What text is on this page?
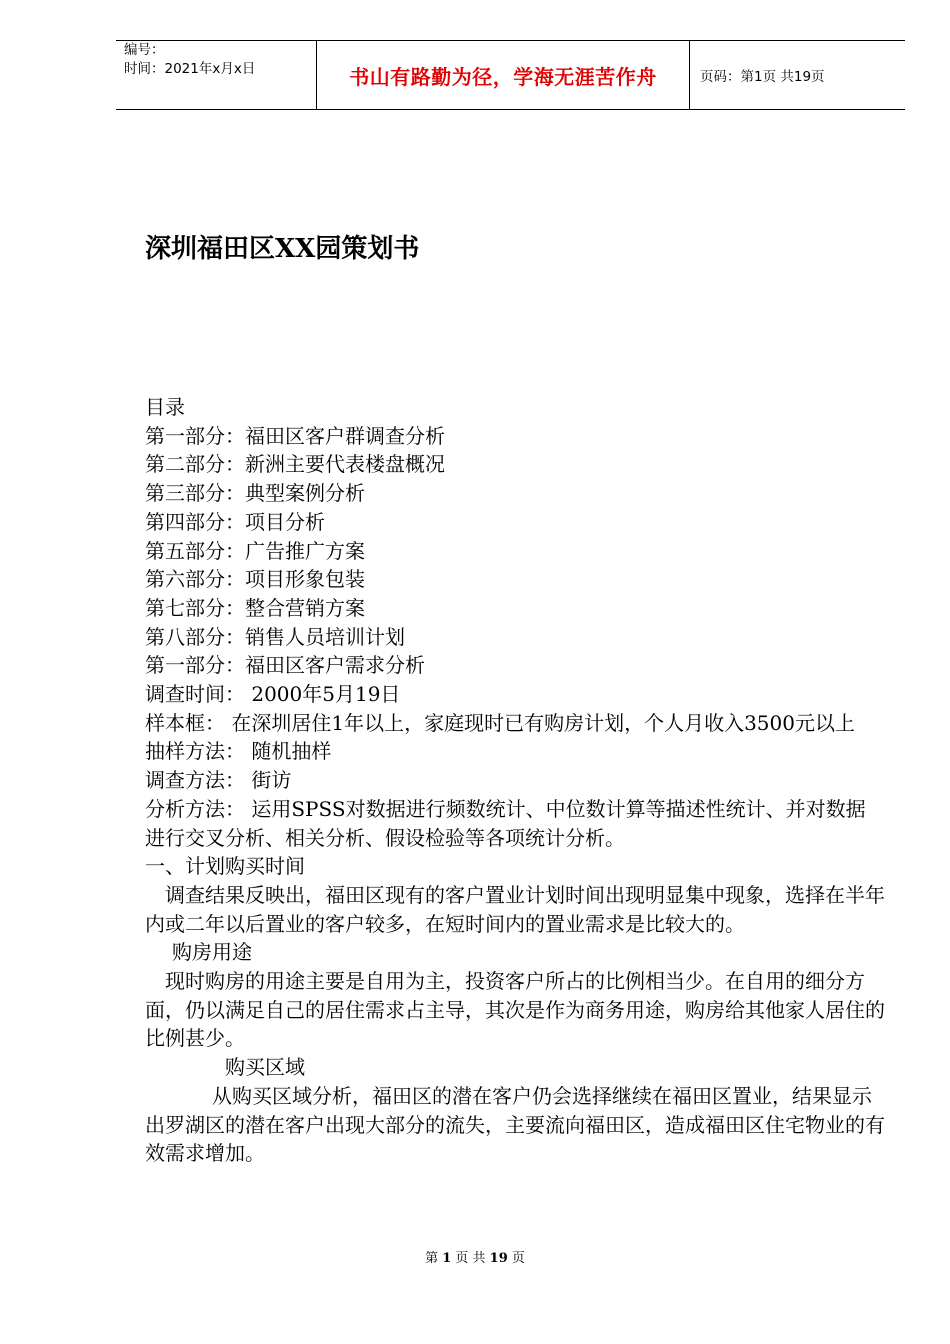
编号：
时间：2021年x月x日	书山有路勤为径，学海无涯苦作舟	页码：第1页 共19页
深圳福田区XX园策划书

目录

第一部分：福田区客户群调查分析

第二部分：新洲主要代表楼盘概况

第三部分：典型案例分析

第四部分：项目分析

第五部分：广告推广方案

第六部分：项目形象包装

第七部分：整合营销方案

第八部分：销售人员培训计划

第一部分：福田区客户需求分析

调查时间： 2000年5月19日

样本框： 在深圳居住1年以上，家庭现时已有购房计划，个人月收入3500元以上

抽样方法： 随机抽样

调查方法： 街访

分析方法： 运用SPSS对数据进行频数统计、中位数计算等描述性统计、并对数据进行交叉分析、相关分析、假设检验等各项统计分析。

一、计划购买时间

调查结果反映出，福田区现有的客户置业计划时间出现明显集中现象，选择在半年内或二年以后置业的客户较多，在短时间内的置业需求是比较大的。

购房用途

现时购房的用途主要是自用为主，投资客户所占的比例相当少。在自用的细分方面，仍以满足自己的居住需求占主导，其次是作为商务用途，购房给其他家人居住的比例甚少。

购买区域

从购买区域分析，福田区的潜在客户仍会选择继续在福田区置业，结果显示出罗湖区的潜在客户出现大部分的流失，主要流向福田区，造成福田区住宅物业的有效需求增加。

第 1 页 共 19 页
